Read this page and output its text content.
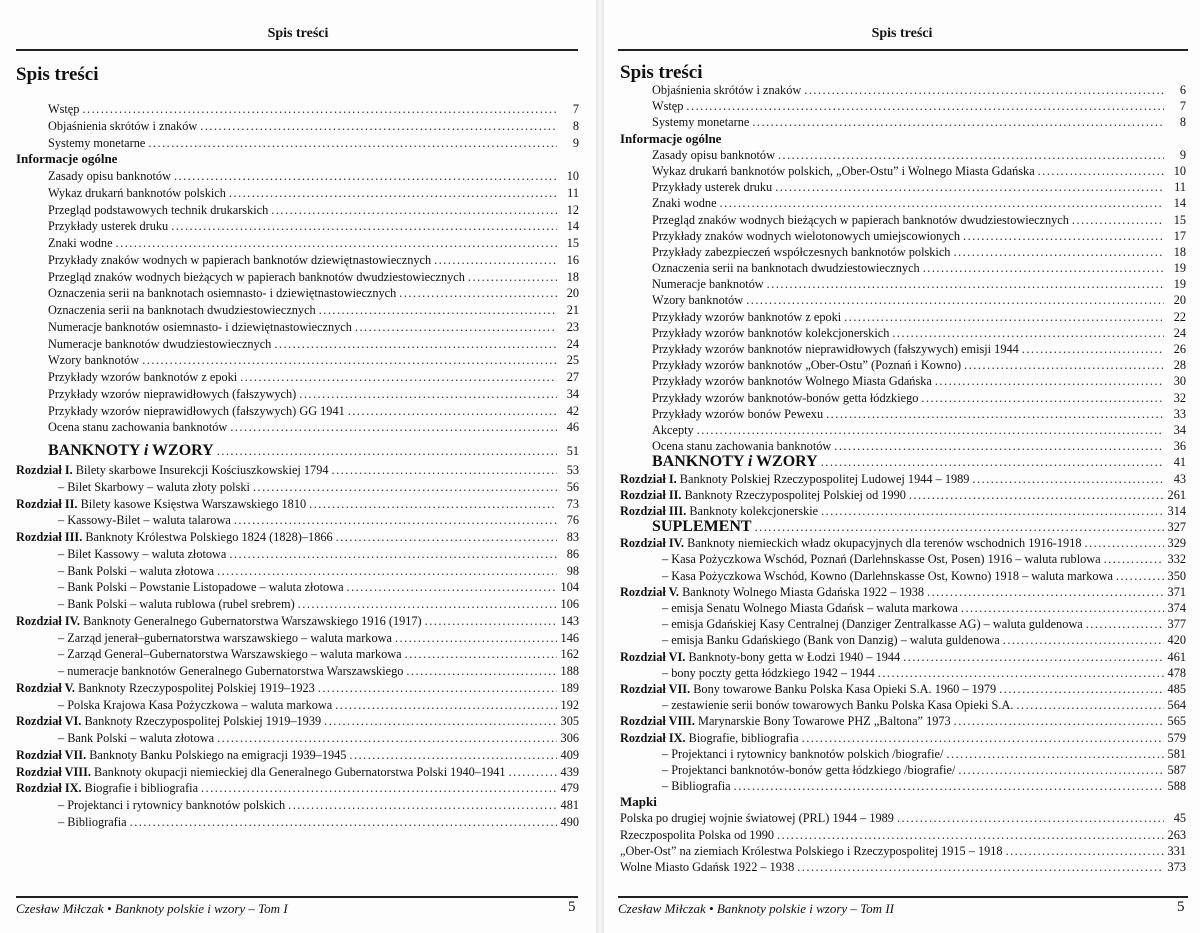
Spis treści
Spis treści
Wstęp .....	7
Objaśnienia skrótów i znaków .....	8
Systemy monetarne .....	9
Informacje ogólne
Zasady opisu banknotów .....	10
Wykaz drukarń banknotów polskich .....	11
Przegląd podstawowych technik drukarskich .....	12
Przykłady usterek druku .....	14
Znaki wodne .....	15
Przykłady znaków wodnych w papierach banknotów dziewiętnastowiecznych .....	16
Przegląd znaków wodnych bieżących w papierach banknotów dwudziestowiecznych .....	18
Oznaczenia serii na banknotach osiemnasto- i dziewiętnastowiecznych .....	20
Oznaczenia serii na banknotach dwudziestowiecznych .....	21
Numeracje banknotów osiemnasto- i dziewiętnastowiecznych .....	23
Numeracje banknotów dwudziestowiecznych .....	24
Wzory banknotów .....	25
Przykłady wzorów banknotów z epoki .....	27
Przykłady wzorów nieprawidłowych (fałszywych) .....	34
Przykłady wzorów nieprawidłowych (fałszywych) GG 1941 .....	42
Ocena stanu zachowania banknotów .....	46
BANKNOTY i WZORY .....	51
Rozdział I. Bilety skarbowe Insurekcji Kościuszkowskiej 1794 .....	53
– Bilet Skarbowy – waluta złoty polski .....	56
Rozdział II. Bilety kasowe Księstwa Warszawskiego 1810 .....	73
– Kassowy-Bilet – waluta talarowa .....	76
Rozdział III. Banknoty Królestwa Polskiego 1824 (1828)–1866 .....	83
– Bilet Kassowy – waluta złotowa .....	86
– Bank Polski – waluta złotowa .....	98
– Bank Polski – Powstanie Listopadowe – waluta złotowa .....	104
– Bank Polski – waluta rublowa (rubel srebrem) .....	106
Rozdział IV. Banknoty Generalnego Gubernatorstwa Warszawskiego 1916 (1917) .....	143
– Zarząd jenerał–gubernatorstwa warszawskiego – waluta markowa .....	146
– Zarząd General–Gubernatorstwa Warszawskiego – waluta markowa .....	162
– numeracje banknotów Generalnego Gubernatorstwa Warszawskiego .....	188
Rozdział V. Banknoty Rzeczypospolitej Polskiej 1919–1923 .....	189
– Polska Krajowa Kasa Pożyczkowa – waluta markowa .....	192
Rozdział VI. Banknoty Rzeczypospolitej Polskiej 1919–1939 .....	305
– Bank Polski – waluta złotowa .....	306
Rozdział VII. Banknoty Banku Polskiego na emigracji 1939–1945 .....	409
Rozdział VIII. Banknoty okupacji niemieckiej dla Generalnego Gubernatorstwa Polski 1940–1941 .....	439
Rozdział IX. Biografie i bibliografia .....	479
– Projektanci i rytownicy banknotów polskich .....	481
– Bibliografia .....	490
Czesław Miłczak • Banknoty polskie i wzory – Tom I	5
Spis treści
Spis treści
Objaśnienia skrótów i znaków .....	6
Wstęp .....	7
Systemy monetarne .....	8
Informacje ogólne
Zasady opisu banknotów .....	9
Wykaz drukarń banknotów polskich, „Ober-Ostu” i Wolnego Miasta Gdańska .....	10
Przykłady usterek druku .....	11
Znaki wodne .....	14
Przegląd znaków wodnych bieżących w papierach banknotów dwudziestowiecznych .....	15
Przykłady znaków wodnych wielotonowych umiejscowionych .....	17
Przykłady zabezpieczeń współczesnych banknotów polskich .....	18
Oznaczenia serii na banknotach dwudziestowiecznych .....	19
Numeracje banknotów .....	19
Wzory banknotów .....	20
Przykłady wzorów banknotów z epoki .....	22
Przykłady wzorów banknotów kolekcjonerskich .....	24
Przykłady wzorów banknotów nieprawidłowych (fałszywych) emisji 1944 .....	26
Przykłady wzorów banknotów „Ober-Ostu” (Poznań i Kowno) .....	28
Przykłady wzorów banknotów Wolnego Miasta Gdańska .....	30
Przykłady wzorów banknotów-bonów getta łódzkiego .....	32
Przykłady wzorów bonów Pewexu .....	33
Akcepty .....	34
Ocena stanu zachowania banknotów .....	36
BANKNOTY i WZORY .....	41
Rozdział I. Banknoty Polskiej Rzeczypospolitej Ludowej 1944 – 1989 .....	43
Rozdział II. Banknoty Rzeczypospolitej Polskiej od 1990 .....	261
Rozdział III. Banknoty kolekcjonerskie .....	314
SUPLEMENT .....	327
Rozdział IV. Banknoty niemieckich władz okupacyjnych dla terenów wschodnich 1916-1918 .....	329
– Kasa Pożyczkowa Wschód, Poznań (Darlehnskasse Ost, Posen) 1916 – waluta rublowa .....	332
– Kasa Pożyczkowa Wschód, Kowno (Darlehnskasse Ost, Kowno) 1918 – waluta markowa .....	350
Rozdział V. Banknoty Wolnego Miasta Gdańska 1922 – 1938 .....	371
– emisja Senatu Wolnego Miasta Gdańsk – waluta markowa .....	374
– emisja Gdańskiej Kasy Centralnej (Danziger Zentralkasse AG) – waluta guldenowa .....	377
– emisja Banku Gdańskiego (Bank von Danzig) – waluta guldenowa .....	420
Rozdział VI. Banknoty-bony getta w Łodzi 1940 – 1944 .....	461
– bony poczty getta łódzkiego 1942 – 1944 .....	478
Rozdział VII. Bony towarowe Banku Polska Kasa Opieki S.A. 1960 – 1979 .....	485
– zestawienie serii bonów towarowych Banku Polska Kasa Opieki S.A. .....	564
Rozdział VIII. Marynarskie Bony Towarowe PHZ „Baltona” 1973 .....	565
Rozdział IX. Biografie, bibliografia .....	579
– Projektanci i rytownicy banknotów polskich /biografie/ .....	581
– Projektanci banknotów-bonów getta łódzkiego /biografie/ .....	587
– Bibliografia .....	588
Mapki
Polska po drugiej wojnie światowej (PRL) 1944 – 1989 .....	45
Rzeczpospolita Polska od 1990 .....	263
„Ober-Ost” na ziemiach Królestwa Polskiego i Rzeczypospolitej 1915 – 1918 .....	331
Wolne Miasto Gdańsk 1922 – 1938 .....	373
Czesław Miłczak • Banknoty polskie i wzory – Tom II	5
